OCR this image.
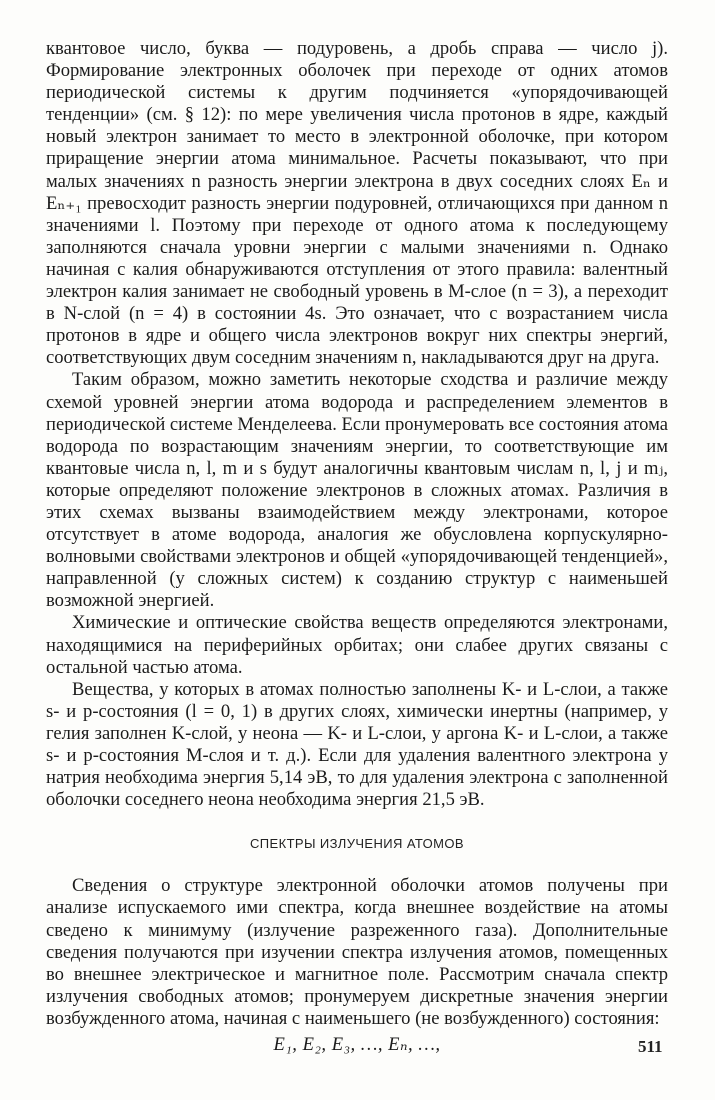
квантовое число, буква — подуровень, а дробь справа — число j). Формирование электронных оболочек при переходе от одних атомов периодической системы к другим подчиняется «упорядочивающей тенденции» (см. § 12): по мере увеличения числа протонов в ядре, каждый новый электрон занимает то место в электронной оболочке, при котором приращение энергии атома минимальное. Расчеты показывают, что при малых значениях n разность энергии электрона в двух соседних слоях Eₙ и Eₙ₊₁ превосходит разность энергии подуровней, отличающихся при данном n значениями l. Поэтому при переходе от одного атома к последующему заполняются сначала уровни энергии с малыми значениями n. Однако начиная с калия обнаруживаются отступления от этого правила: валентный электрон калия занимает не свободный уровень в M-слое (n = 3), а переходит в N-слой (n = 4) в состоянии 4s. Это означает, что с возрастанием числа протонов в ядре и общего числа электронов вокруг них спектры энергий, соответствующих двум соседним значениям n, накладываются друг на друга.

Таким образом, можно заметить некоторые сходства и различие между схемой уровней энергии атома водорода и распределением элементов в периодической системе Менделеева. Если пронумеровать все состояния атома водорода по возрастающим значениям энергии, то соответствующие им квантовые числа n, l, m и s будут аналогичны квантовым числам n, l, j и mⱼ, которые определяют положение электронов в сложных атомах. Различия в этих схемах вызваны взаимодействием между электронами, которое отсутствует в атоме водорода, аналогия же обусловлена корпускулярно-волновыми свойствами электронов и общей «упорядочивающей тенденцией», направленной (у сложных систем) к созданию структур с наименьшей возможной энергией.

Химические и оптические свойства веществ определяются электронами, находящимися на периферийных орбитах; они слабее других связаны с остальной частью атома.

Вещества, у которых в атомах полностью заполнены K- и L-слои, а также s- и p-состояния (l = 0, 1) в других слоях, химически инертны (например, у гелия заполнен K-слой, у неона — K- и L-слои, у аргона K- и L-слои, а также s- и p-состояния M-слоя и т. д.). Если для удаления валентного электрона у натрия необходима энергия 5,14 эВ, то для удаления электрона с заполненной оболочки соседнего неона необходима энергия 21,5 эВ.

СПЕКТРЫ ИЗЛУЧЕНИЯ АТОМОВ

Сведения о структуре электронной оболочки атомов получены при анализе испускаемого ими спектра, когда внешнее воздействие на атомы сведено к минимуму (излучение разреженного газа). Дополнительные сведения получаются при изучении спектра излучения атомов, помещенных во внешнее электрическое и магнитное поле. Рассмотрим сначала спектр излучения свободных атомов; пронумеруем дискретные значения энергии возбужденного атома, начиная с наименьшего (не возбужденного) состояния:

E₁, E₂, E₃, …, Eₙ, …,	511
